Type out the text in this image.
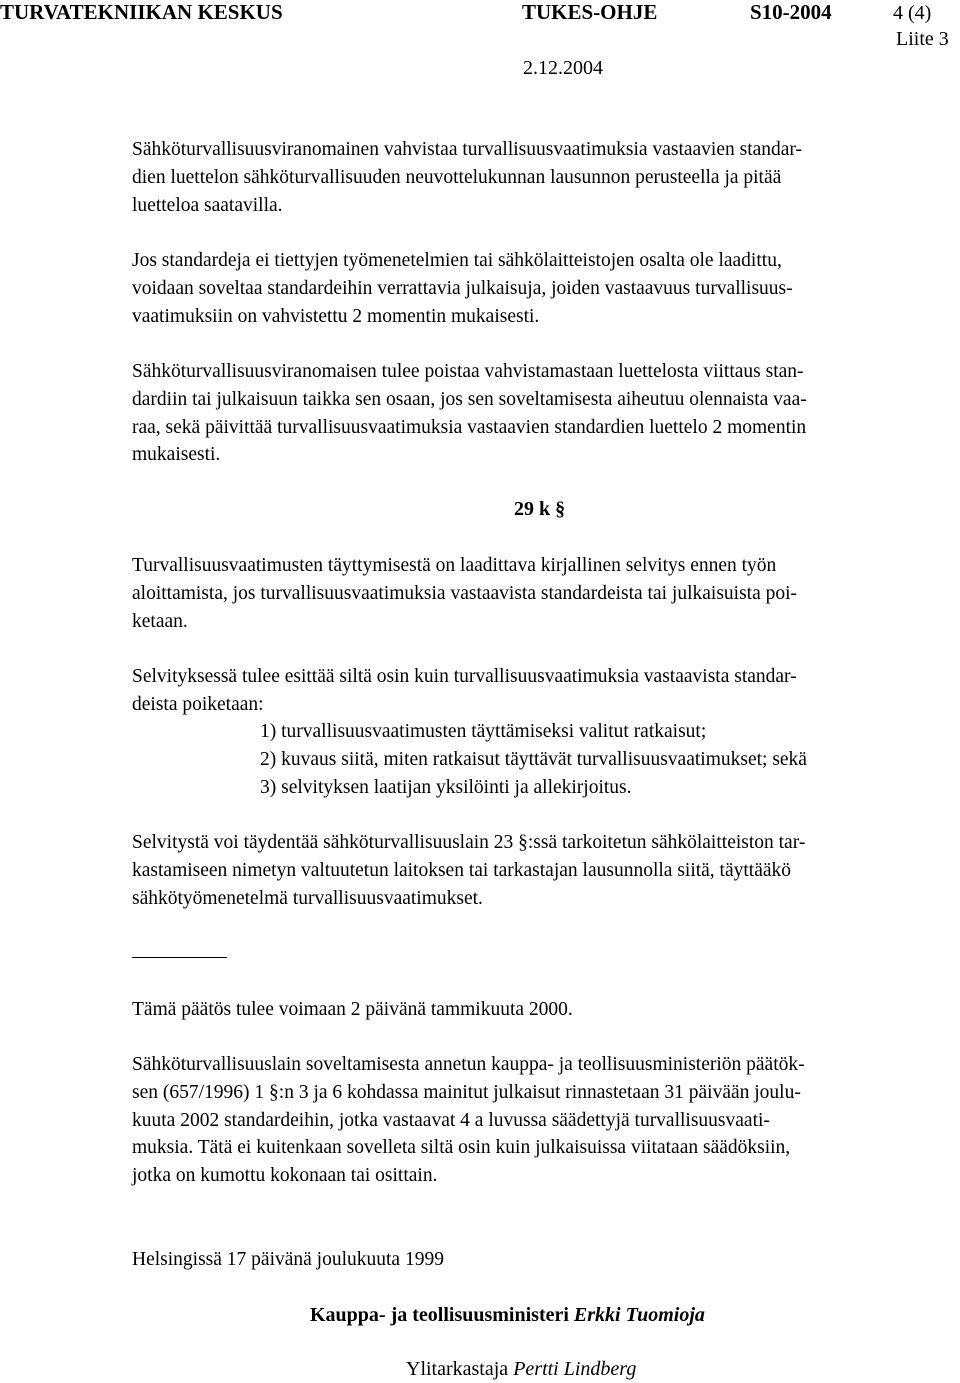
TURVATEKNIIKAN KESKUS	TUKES-OHJE	S10-2004	4 (4)
Liite 3
2.12.2004
Sähköturvallisuusviranomainen vahvistaa turvallisuusvaatimuksia vastaavien standar-
dien luettelon sähköturvallisuuden neuvottelukunnan lausunnon perusteella ja pitää
luetteloa saatavilla.
Jos standardeja ei tiettyjen työmenetelmien tai sähkölaitteistojen osalta ole laadittu,
voidaan soveltaa standardeihin verrattavia julkaisuja, joiden vastaavuus turvallisuus-
vaatimuksiin on vahvistettu 2 momentin mukaisesti.
Sähköturvallisuusviranomaisen tulee poistaa vahvistamastaan luettelosta viittaus stan-
dardiin tai julkaisuun taikka sen osaan, jos sen soveltamisesta aiheutuu olennaista vaa-
raa, sekä päivittää turvallisuusvaatimuksia vastaavien standardien luettelo 2 momentin
mukaisesti.
29 k §
Turvallisuusvaatimusten täyttymisestä on laadittava kirjallinen selvitys ennen työn
aloittamista, jos turvallisuusvaatimuksia vastaavista standardeista tai julkaisuista poi-
ketaan.
Selvityksessä tulee esittää siltä osin kuin turvallisuusvaatimuksia vastaavista standar-
deista poiketaan:
1) turvallisuusvaatimusten täyttämiseksi valitut ratkaisut;
2) kuvaus siitä, miten ratkaisut täyttävät turvallisuusvaatimukset; sekä
3) selvityksen laatijan yksilöinti ja allekirjoitus.
Selvitystä voi täydentää sähköturvallisuuslain 23 §:ssä tarkoitetun sähkölaitteiston tar-
kastamiseen nimetyn valtuutetun laitoksen tai tarkastajan lausunnolla siitä, täyttääkö
sähkötyömenetelmä turvallisuusvaatimukset.
Tämä päätös tulee voimaan 2 päivänä tammikuuta 2000.
Sähköturvallisuuslain soveltamisesta annetun kauppa- ja teollisuusministeriön päätök-
sen (657/1996) 1 §:n 3 ja 6 kohdassa mainitut julkaisut rinnastetaan 31 päivään joulu-
kuuta 2002 standardeihin, jotka vastaavat 4 a luvussa säädettyjä turvallisuusvaati-
muksia. Tätä ei kuitenkaan sovelleta siltä osin kuin julkaisuissa viitataan säädöksiin,
jotka on kumottu kokonaan tai osittain.
Helsingissä 17 päivänä joulukuuta 1999
Kauppa- ja teollisuusministeri Erkki Tuomioja
Ylitarkastaja Pertti Lindberg
